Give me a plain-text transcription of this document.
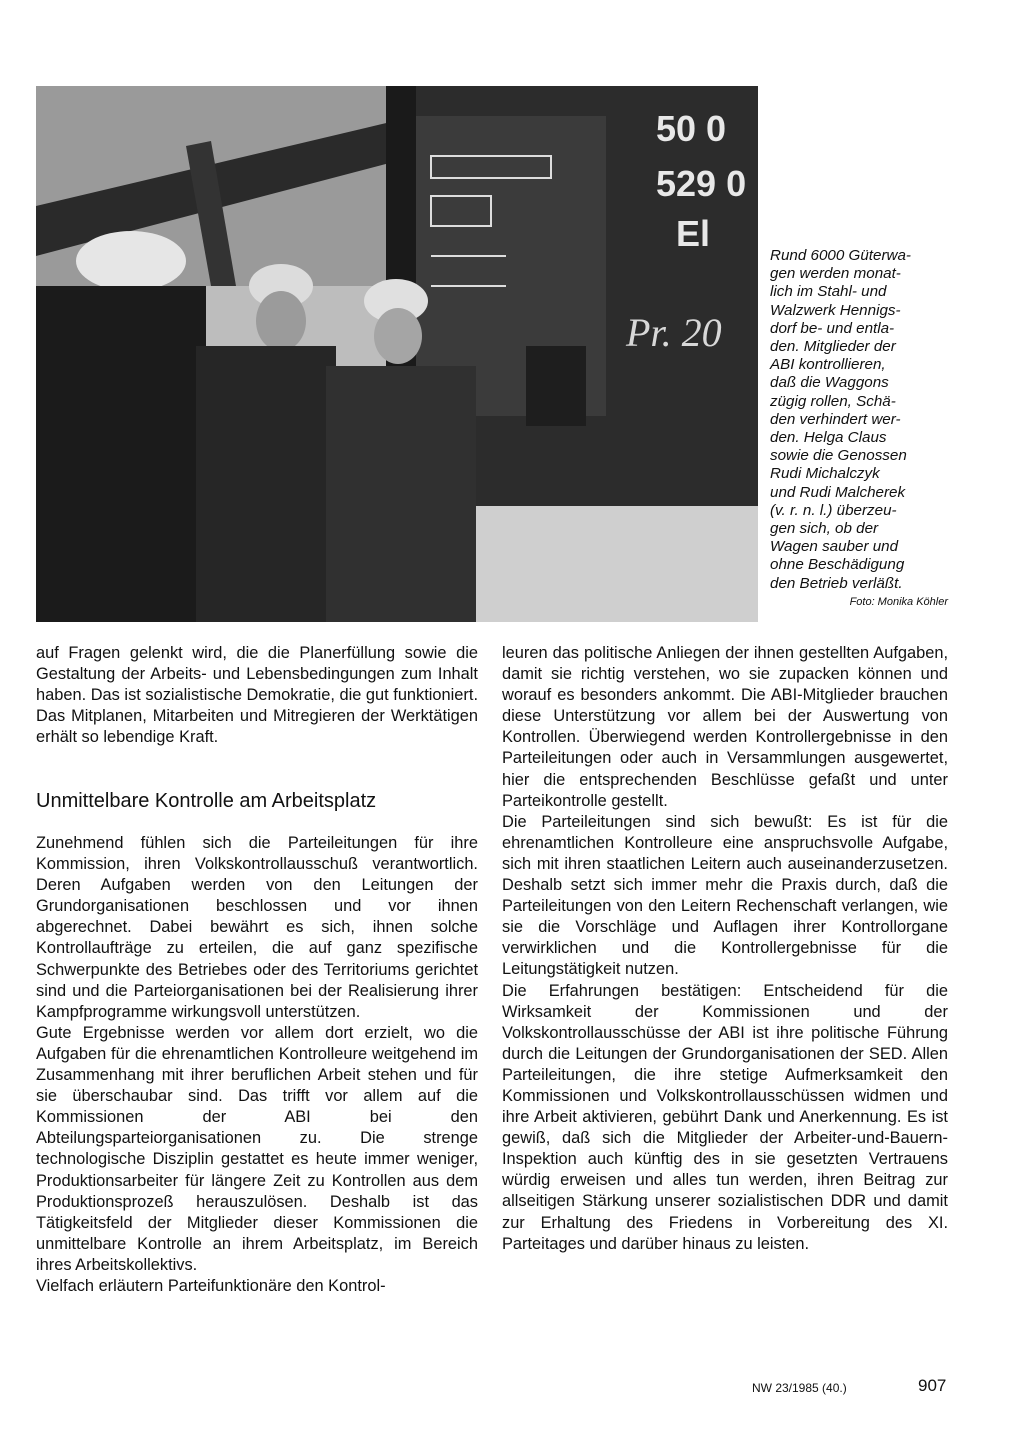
50 0
529 0
El
Pr. 20
Rund 6000 Güterwa-
gen werden monat-
lich im Stahl- und
Walzwerk Hennigs-
dorf be- und entla-
den. Mitglieder der
ABI kontrollieren,
daß die Waggons
zügig rollen, Schä-
den verhindert wer-
den. Helga Claus
sowie die Genossen
Rudi Michalczyk
und Rudi Malcherek
(v. r. n. l.) überzeu-
gen sich, ob der
Wagen sauber und
ohne Beschädigung
den Betrieb verläßt.
Foto: Monika Köhler

auf Fragen gelenkt wird, die die Planerfüllung sowie die Gestaltung der Arbeits- und Lebensbedingungen zum Inhalt haben. Das ist sozialistische Demokratie, die gut funktioniert. Das Mitplanen, Mitarbeiten und Mitregieren der Werktätigen erhält so lebendige Kraft.

Unmittelbare Kontrolle am Arbeitsplatz

Zunehmend fühlen sich die Parteileitungen für ihre Kommission, ihren Volkskontrollausschuß verantwortlich. Deren Aufgaben werden von den Leitungen der Grundorganisationen beschlossen und vor ihnen abgerechnet. Dabei bewährt es sich, ihnen solche Kontrollaufträge zu erteilen, die auf ganz spezifische Schwerpunkte des Betriebes oder des Territoriums gerichtet sind und die Parteiorganisationen bei der Realisierung ihrer Kampfprogramme wirkungsvoll unterstützen.

Gute Ergebnisse werden vor allem dort erzielt, wo die Aufgaben für die ehrenamtlichen Kontrolleure weitgehend im Zusammenhang mit ihrer beruflichen Arbeit stehen und für sie überschaubar sind. Das trifft vor allem auf die Kommissionen der ABI bei den Abteilungsparteiorganisationen zu. Die strenge technologische Disziplin gestattet es heute immer weniger, Produktionsarbeiter für längere Zeit zu Kontrollen aus dem Produktionsprozeß herauszulösen. Deshalb ist das Tätigkeitsfeld der Mitglieder dieser Kommissionen die unmittelbare Kontrolle an ihrem Arbeitsplatz, im Bereich ihres Arbeitskollektivs.

Vielfach erläutern Parteifunktionäre den Kontrol-

leuren das politische Anliegen der ihnen gestellten Aufgaben, damit sie richtig verstehen, wo sie zupacken können und worauf es besonders ankommt. Die ABI-Mitglieder brauchen diese Unterstützung vor allem bei der Auswertung von Kontrollen. Überwiegend werden Kontrollergebnisse in den Parteileitungen oder auch in Versammlungen ausgewertet, hier die entsprechenden Beschlüsse gefaßt und unter Parteikontrolle gestellt.

Die Parteileitungen sind sich bewußt: Es ist für die ehrenamtlichen Kontrolleure eine anspruchsvolle Aufgabe, sich mit ihren staatlichen Leitern auch auseinanderzusetzen. Deshalb setzt sich immer mehr die Praxis durch, daß die Parteileitungen von den Leitern Rechenschaft verlangen, wie sie die Vorschläge und Auflagen ihrer Kontrollorgane verwirklichen und die Kontrollergebnisse für die Leitungstätigkeit nutzen.

Die Erfahrungen bestätigen: Entscheidend für die Wirksamkeit der Kommissionen und der Volkskontrollausschüsse der ABI ist ihre politische Führung durch die Leitungen der Grundorganisationen der SED. Allen Parteileitungen, die ihre stetige Aufmerksamkeit den Kommissionen und Volkskontrollausschüssen widmen und ihre Arbeit aktivieren, gebührt Dank und Anerkennung. Es ist gewiß, daß sich die Mitglieder der Arbeiter-und-Bauern-Inspektion auch künftig des in sie gesetzten Vertrauens würdig erweisen und alles tun werden, ihren Beitrag zur allseitigen Stärkung unserer sozialistischen DDR und damit zur Erhaltung des Friedens in Vorbereitung des XI. Parteitages und darüber hinaus zu leisten.

NW 23/1985 (40.)	907
